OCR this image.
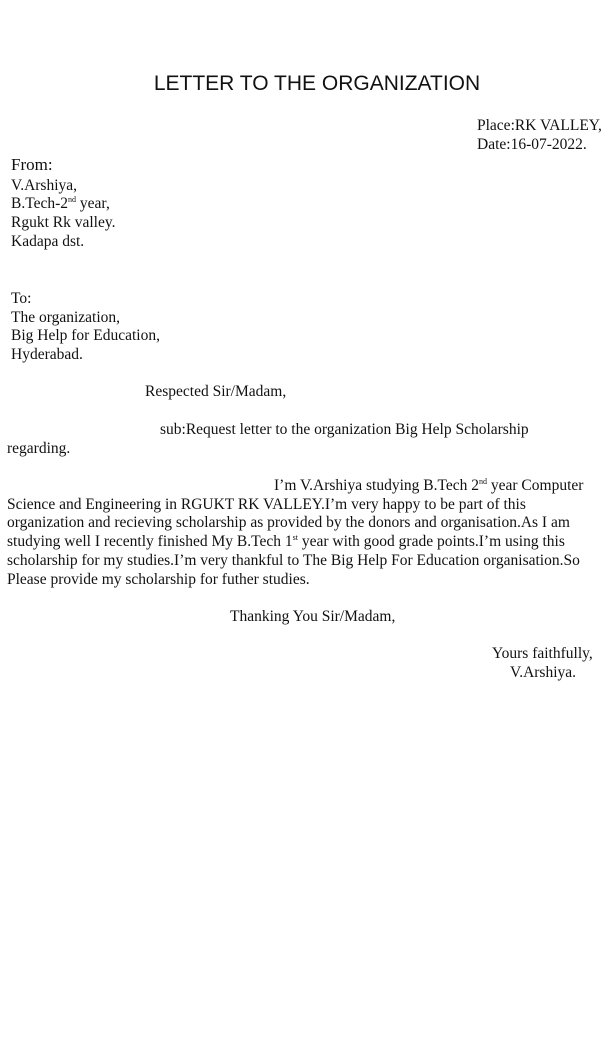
LETTER TO THE ORGANIZATION
Place:RK VALLEY,
Date:16-07-2022.
From:
V.Arshiya,
B.Tech-2nd year,
Rgukt Rk valley.
Kadapa dst.
To:
The organization,
Big Help for Education,
Hyderabad.
Respected Sir/Madam,
sub:Request letter to the organization Big Help Scholarship
regarding.
I’m V.Arshiya studying B.Tech 2nd year Computer
Science and Engineering in RGUKT RK VALLEY.I’m very happy to be part of this
organization and recieving scholarship as provided by the donors and organisation.As I am
studying well I recently finished My B.Tech 1st year with good grade points.I’m using this
scholarship for my studies.I’m very thankful to The Big Help For Education organisation.So
Please provide my scholarship for futher studies.
Thanking You Sir/Madam,
Yours faithfully,
V.Arshiya.
